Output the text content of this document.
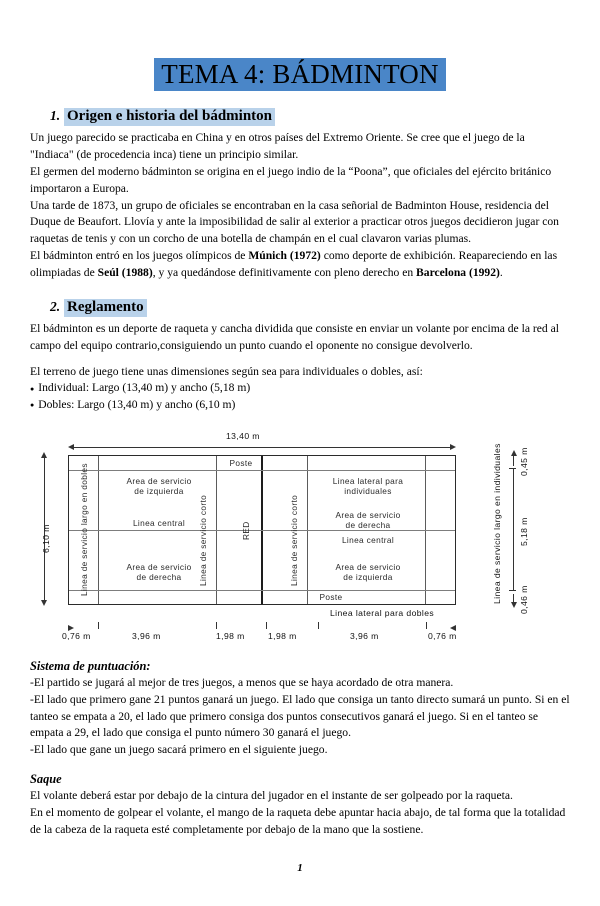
TEMA 4: BÁDMINTON
1. Origen e historia del bádminton

Un juego parecido se practicaba en China y en otros países del Extremo Oriente. Se cree que el juego de la "Indiaca" (de procedencia inca) tiene un principio similar.

El germen del moderno bádminton se origina en el juego indio de la “Poona”, que oficiales del ejército británico importaron a Europa.

Una tarde de 1873, un grupo de oficiales se encontraban en la casa señorial de Badminton House, residencia del Duque de Beaufort. Llovía y ante la imposibilidad de salir al exterior a practicar otros juegos decidieron jugar con raquetas de tenis y con un corcho de una botella de champán en el cual clavaron varias plumas.

El bádminton entró en los juegos olímpicos de Múnich (1972) como deporte de exhibición. Reapareciendo en las olimpiadas de Seúl (1988), y ya quedándose definitivamente con pleno derecho en Barcelona (1992).

2. Reglamento

El bádminton es un deporte de raqueta y cancha dividida que consiste en enviar un volante por encima de la red al campo del equipo contrario,consiguiendo un punto cuando el oponente no consigue devolverlo.

El terreno de juego tiene unas dimensiones según sea para individuales o dobles, así:

● Individual: Largo (13,40 m) y ancho (5,18 m)
● Dobles: Largo (13,40 m) y ancho (6,10 m)
13,40 m
6,10 m
0,45 m
5,18 m
0,46 m
Linea de servicio largo en individuales
0,76 m	3,96 m	1,98 m	1,98 m	3,96 m	0,76 m
Linea lateral para dobles
Linea de servicio largo en dobles
Poste
Poste
Linea de servicio corto	RED	Linea de servicio corto
Area de servicio
de izquierda
Linea central
Area de servicio
de derecha
Linea lateral para
individuales
Area de servicio
de derecha
Linea central
Area de servicio
de izquierda

Sistema de puntuación:

-El partido se jugará al mejor de tres juegos, a menos que se haya acordado de otra manera.

-El lado que primero gane 21 puntos ganará un juego. El lado que consiga un tanto directo sumará un punto. Si en el tanteo se empata a 20, el lado que primero consiga dos puntos consecutivos ganará el juego. Si en el tanteo se empata a 29, el lado que consiga el punto número 30 ganará el juego.

-El lado que gane un juego sacará primero en el siguiente juego.

Saque

El volante deberá estar por debajo de la cintura del jugador en el instante de ser golpeado por la raqueta.

En el momento de golpear el volante, el mango de la raqueta debe apuntar hacia abajo, de tal forma que la totalidad de la cabeza de la raqueta esté completamente por debajo de la mano que la sostiene.

1
